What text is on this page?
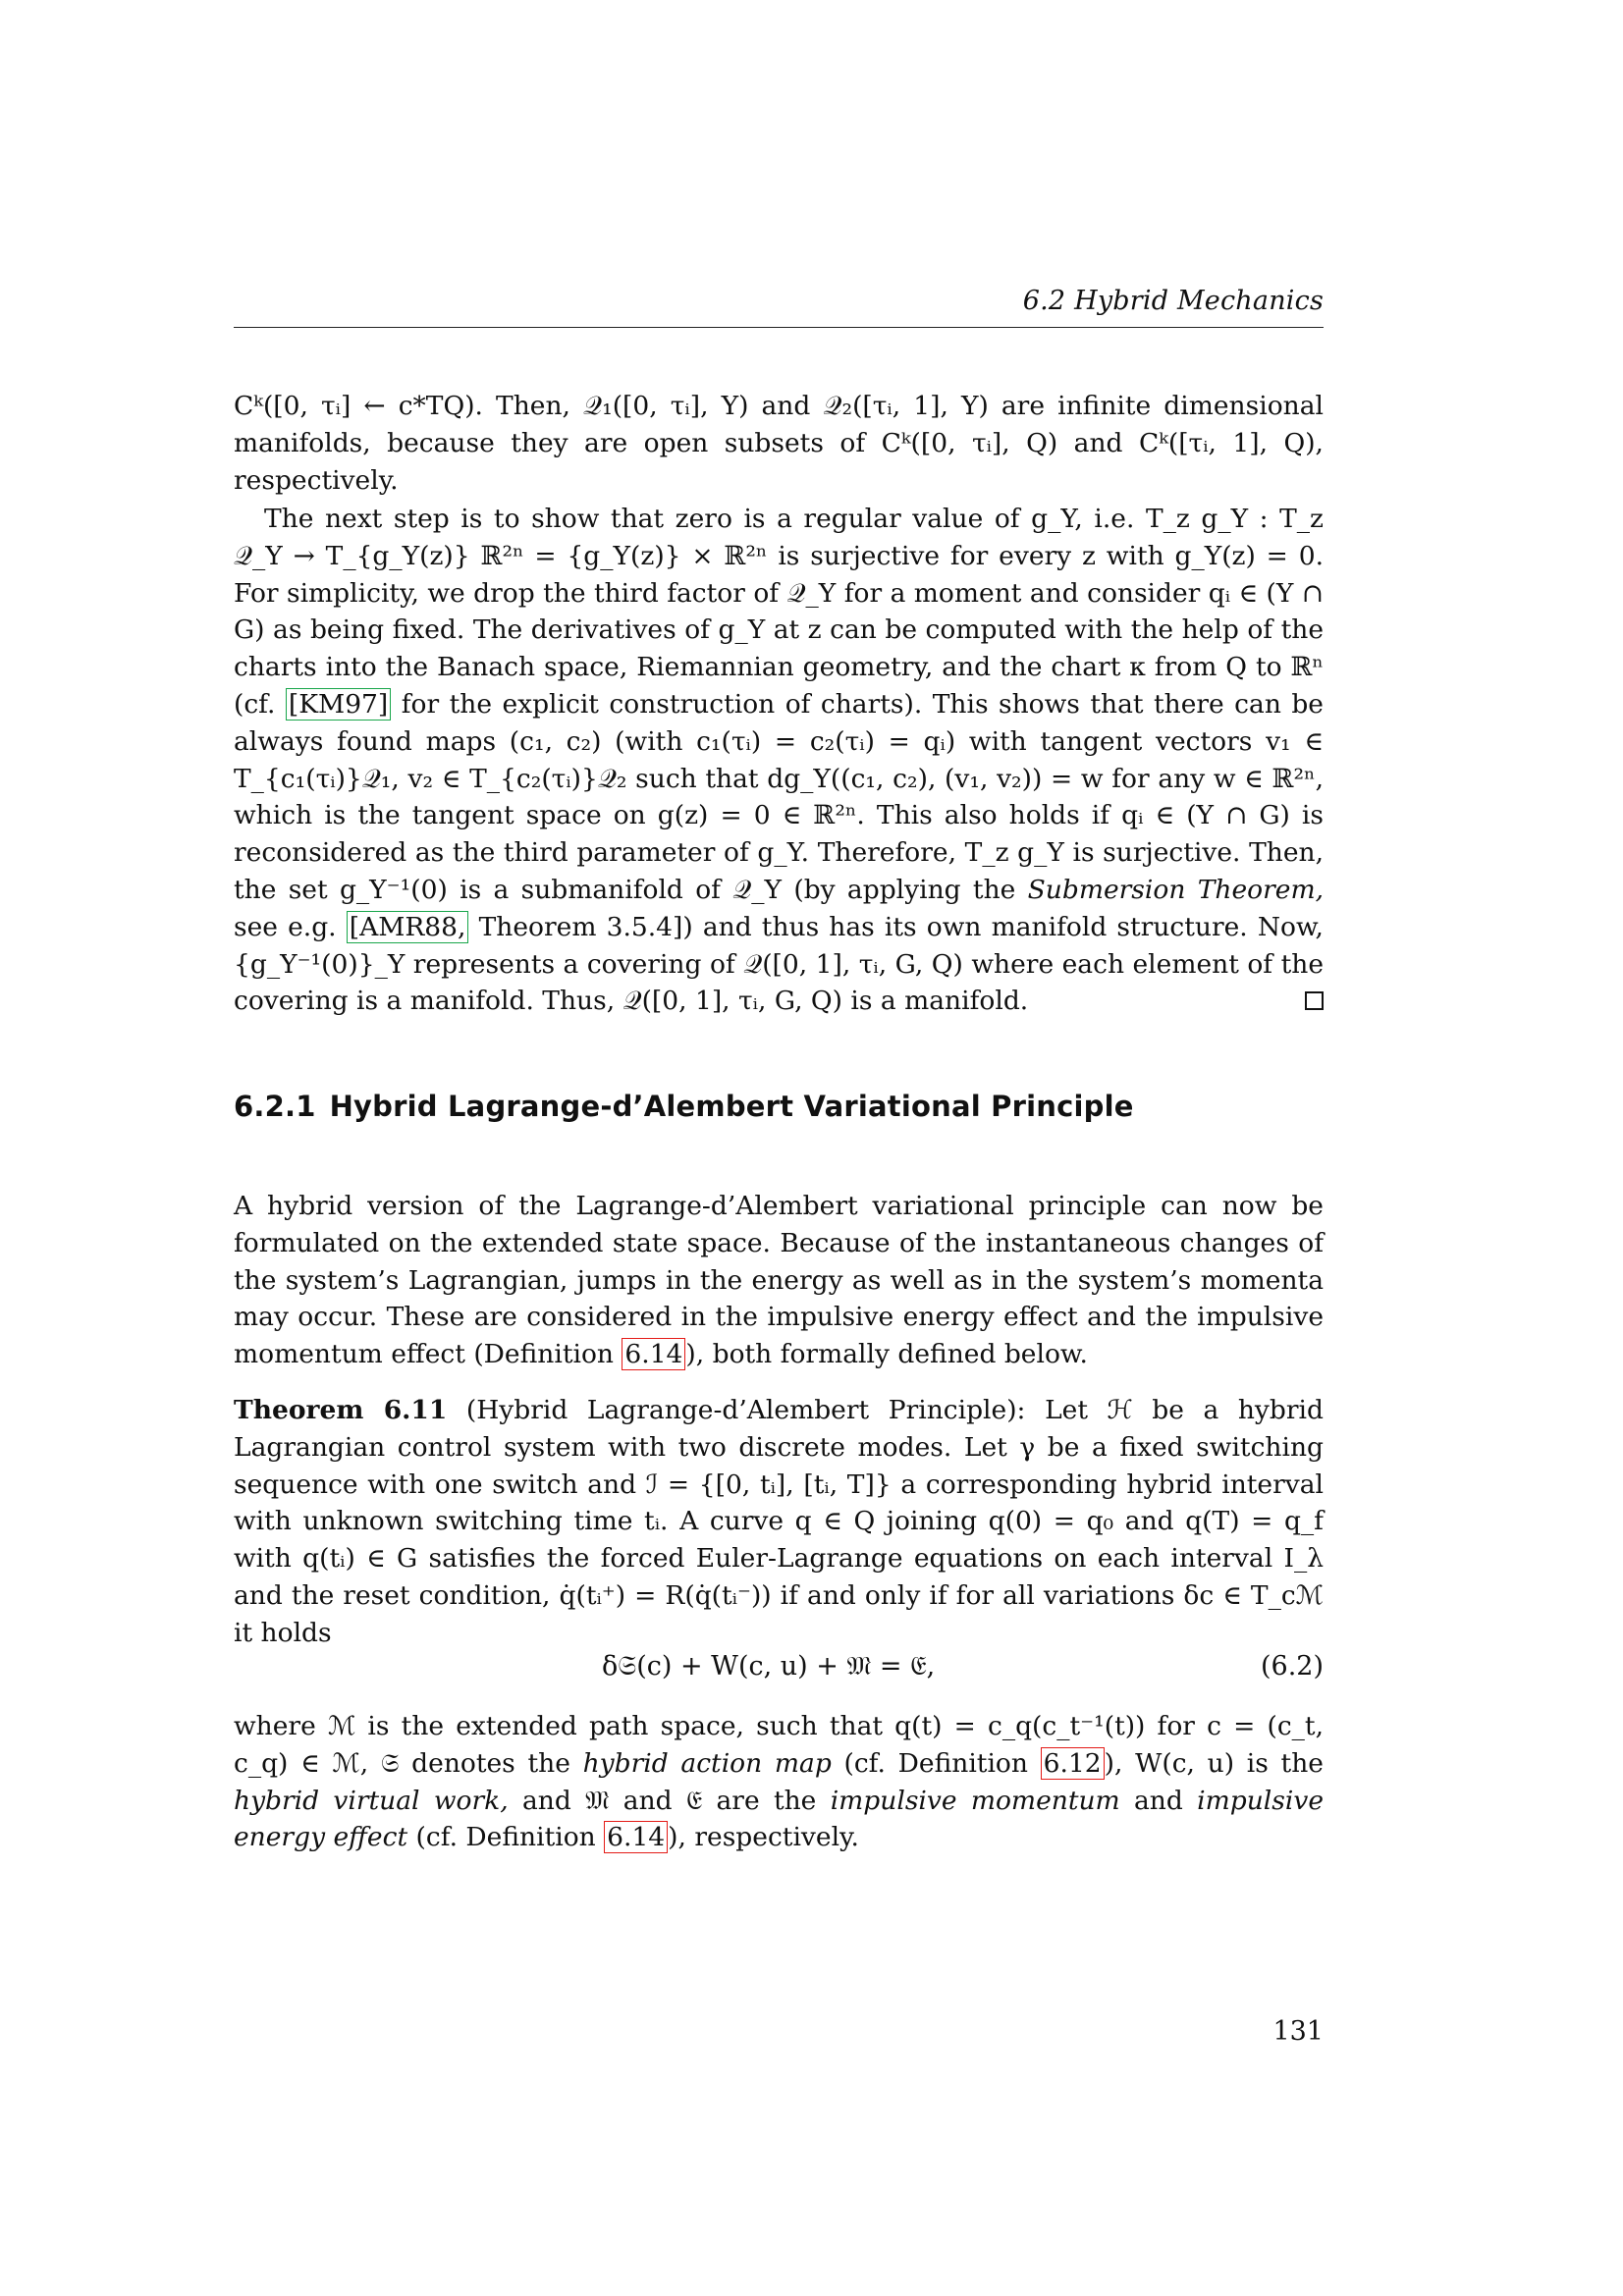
6.2 Hybrid Mechanics

Cᵏ([0, τᵢ] ← c*TQ). Then, 𝒬₁([0, τᵢ], Y) and 𝒬₂([τᵢ, 1], Y) are infinite dimensional manifolds, because they are open subsets of Cᵏ([0, τᵢ], Q) and Cᵏ([τᵢ, 1], Q), respectively.

The next step is to show that zero is a regular value of g_Y, i.e. T_z g_Y : T_z 𝒬_Y → T_{g_Y(z)} ℝ²ⁿ = {g_Y(z)} × ℝ²ⁿ is surjective for every z with g_Y(z) = 0. For simplicity, we drop the third factor of 𝒬_Y for a moment and consider qᵢ ∈ (Y ∩ G) as being fixed. The derivatives of g_Y at z can be computed with the help of the charts into the Banach space, Riemannian geometry, and the chart κ from Q to ℝⁿ (cf. [KM97] for the explicit construction of charts). This shows that there can be always found maps (c₁, c₂) (with c₁(τᵢ) = c₂(τᵢ) = qᵢ) with tangent vectors v₁ ∈ T_{c₁(τᵢ)}𝒬₁, v₂ ∈ T_{c₂(τᵢ)}𝒬₂ such that dg_Y((c₁, c₂), (v₁, v₂)) = w for any w ∈ ℝ²ⁿ, which is the tangent space on g(z) = 0 ∈ ℝ²ⁿ. This also holds if qᵢ ∈ (Y ∩ G) is reconsidered as the third parameter of g_Y. Therefore, T_z g_Y is surjective. Then, the set g_Y⁻¹(0) is a submanifold of 𝒬_Y (by applying the Submersion Theorem, see e.g. [AMR88, Theorem 3.5.4]) and thus has its own manifold structure. Now, {g_Y⁻¹(0)}_Y represents a covering of 𝒬([0, 1], τᵢ, G, Q) where each element of the covering is a manifold. Thus, 𝒬([0, 1], τᵢ, G, Q) is a manifold.

6.2.1 Hybrid Lagrange-d’Alembert Variational Principle

A hybrid version of the Lagrange-d’Alembert variational principle can now be formulated on the extended state space. Because of the instantaneous changes of the system’s Lagrangian, jumps in the energy as well as in the system’s momenta may occur. These are considered in the impulsive energy effect and the impulsive momentum effect (Definition 6.14 ), both formally defined below.

Theorem 6.11 (Hybrid Lagrange-d’Alembert Principle): Let ℋ be a hybrid Lagrangian control system with two discrete modes. Let γ be a fixed switching sequence with one switch and ℐ = {[0, tᵢ], [tᵢ, T]} a corresponding hybrid interval with unknown switching time tᵢ. A curve q ∈ Q joining q(0) = q₀ and q(T) = q_f with q(tᵢ) ∈ G satisfies the forced Euler-Lagrange equations on each interval I_λ and the reset condition, q̇(tᵢ⁺) = R(q̇(tᵢ⁻)) if and only if for all variations δc ∈ T_cℳ it holds

δ𝔖(c) + W(c, u) + 𝔐 = 𝔈,	(6.2)

where ℳ is the extended path space, such that q(t) = c_q(c_t⁻¹(t)) for c = (c_t, c_q) ∈ ℳ, 𝔖 denotes the hybrid action map (cf. Definition 6.12 ), W(c, u) is the hybrid virtual work, and 𝔐 and 𝔈 are the impulsive momentum and impulsive energy effect (cf. Definition 6.14 ), respectively.

131
